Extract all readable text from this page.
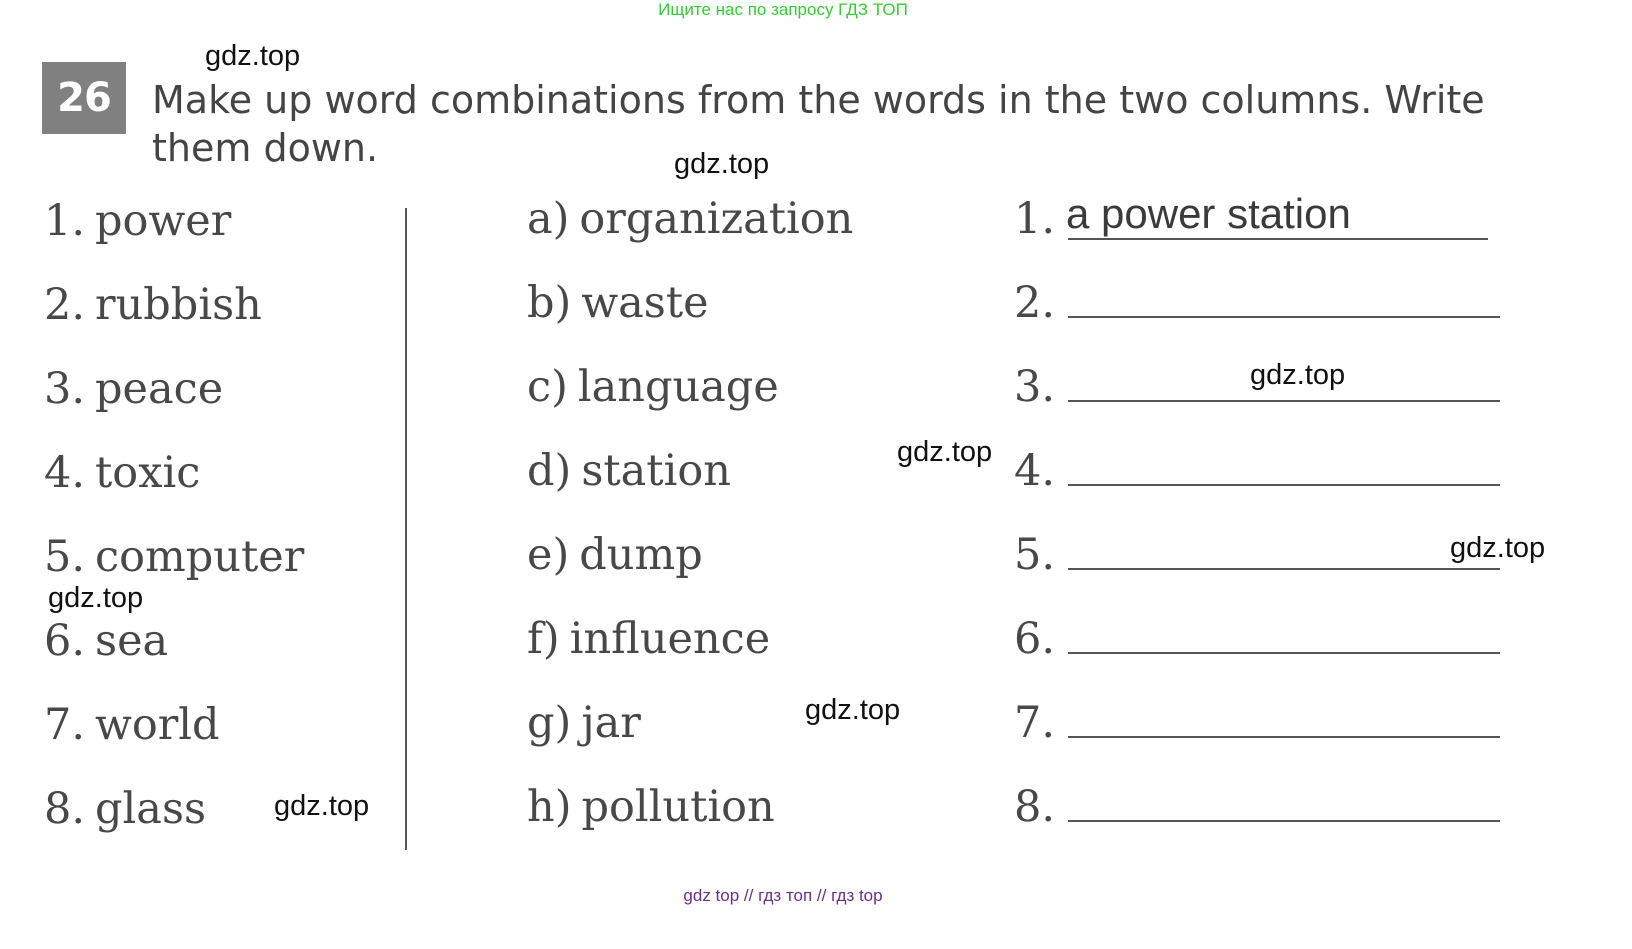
Ищите нас по запросу ГДЗ ТОП
26	Make up word combinations from the words in the two columns. Write them down.
1. power
2. rubbish
3. peace
4. toxic
5. computer
6. sea
7. world
8. glass
a) organization
b) waste
c) language
d) station
e) dump
f) influence
g) jar
h) pollution
1. a power station
2.
3.
4.
5.
6.
7.
8.
gdz.top
gdz.top
gdz.top
gdz.top
gdz.top
gdz.top
gdz.top
gdz.top
gdz top // гдз топ // гдз top
